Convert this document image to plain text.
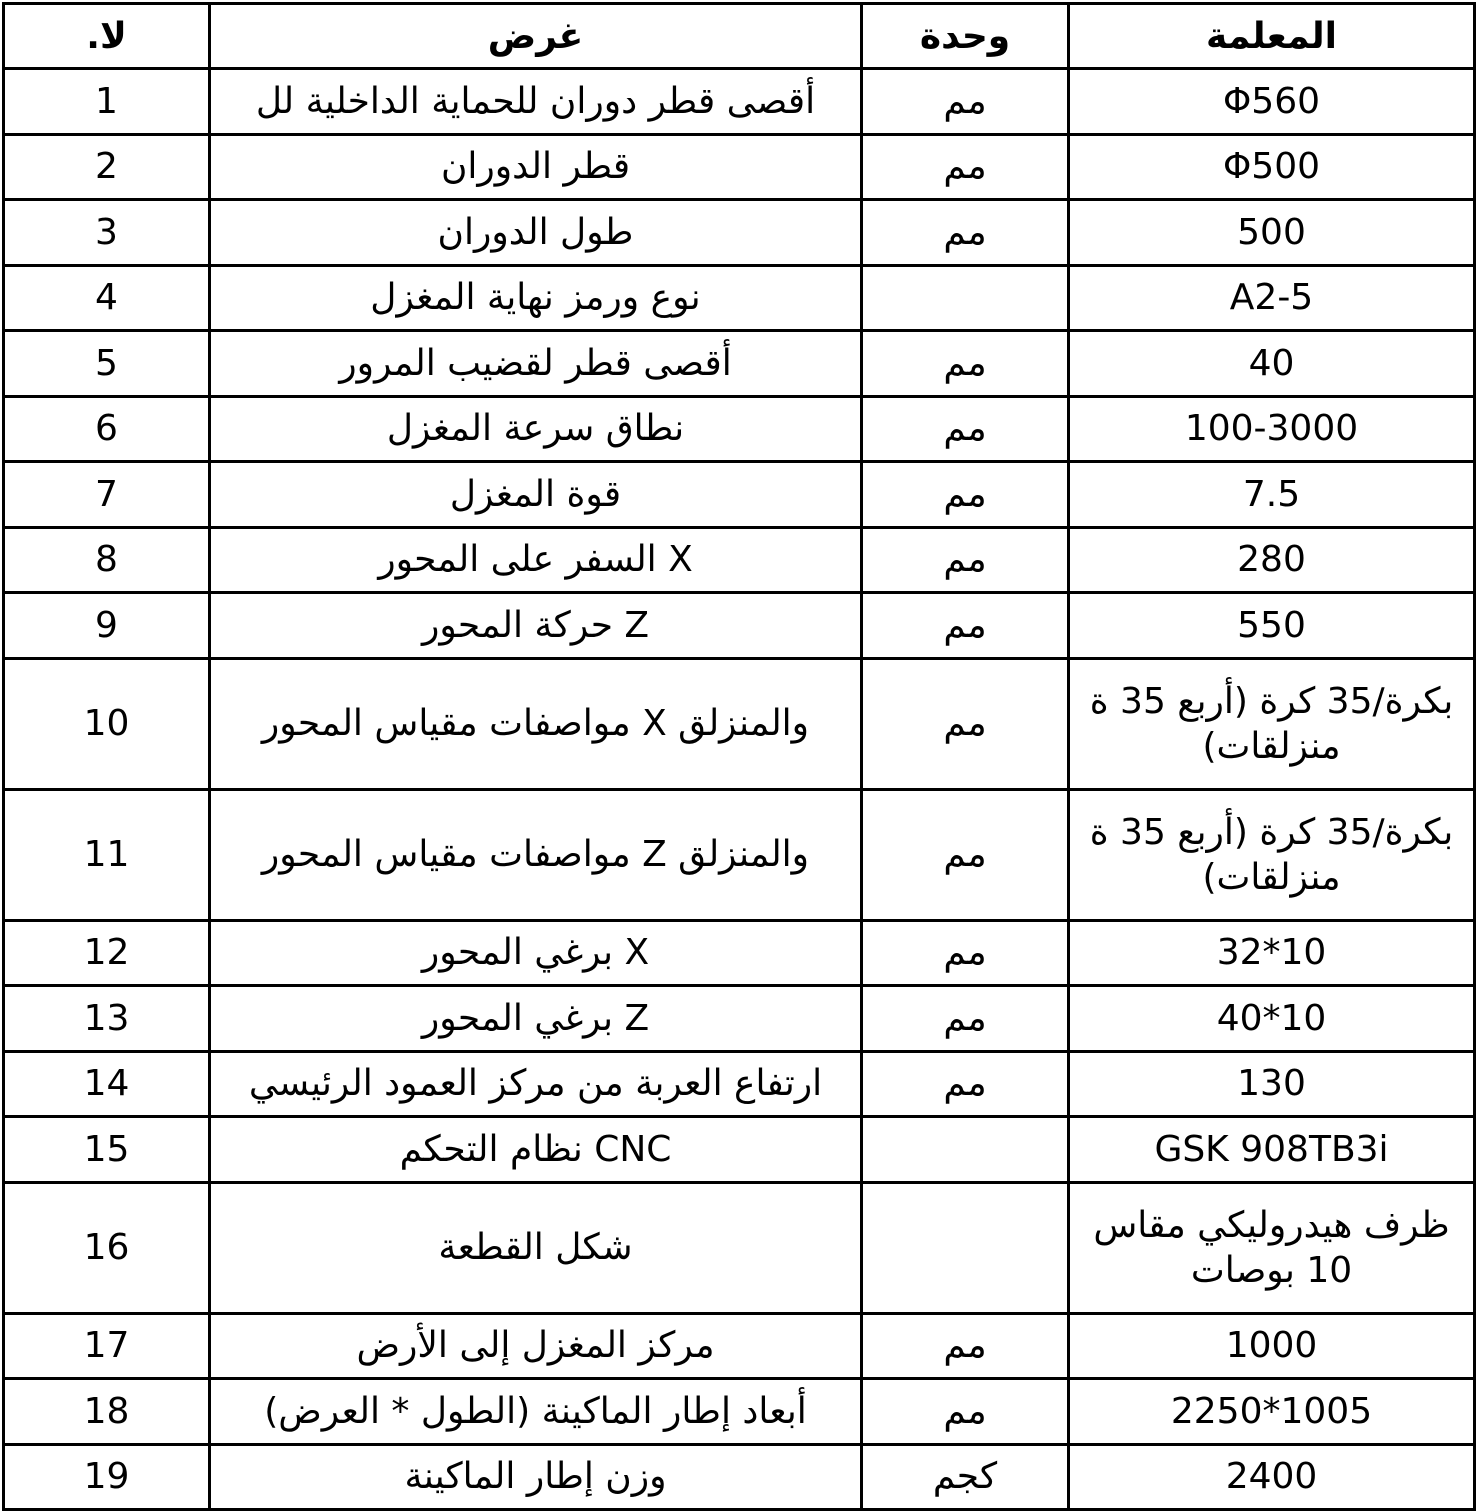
.لا	غرض	وحدة	المعلمة
1	أقصى قطر دوران للحماية الداخلية لل	مم	Φ560
2	قطر الدوران	مم	Φ500
3	طول الدوران	مم	500
4	نوع ورمز نهاية المغزل		A2-5
5	أقصى قطر لقضيب المرور	مم	40
6	نطاق سرعة المغزل	مم	100-3000
7	قوة المغزل	مم	7.5
8	X السفر على المحور	مم	280
9	Z حركة المحور	مم	550
10	والمنزلق X مواصفات مقياس المحور	مم	بكرة/35 كرة (أربع 35 ة منزلقات)
11	والمنزلق Z مواصفات مقياس المحور	مم	بكرة/35 كرة (أربع 35 ة منزلقات)
12	X برغي المحور	مم	32*10
13	Z برغي المحور	مم	40*10
14	ارتفاع العربة من مركز العمود الرئيسي	مم	130
15	CNC نظام التحكم		GSK 908TB3i
16	شكل القطعة		ظرف هيدروليكي مقاس 10 بوصات
17	مركز المغزل إلى الأرض	مم	1000
18	أبعاد إطار الماكينة (الطول * العرض)	مم	2250*1005
19	وزن إطار الماكينة	كجم	2400
